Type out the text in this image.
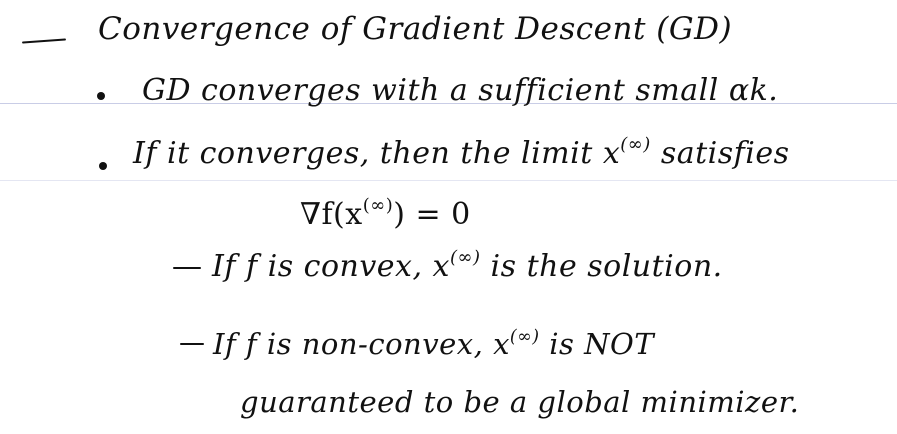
Convergence of Gradient Descent (GD)
GD converges with a sufficient small αk.
If it converges, then the limit x(∞) satisfies
∇f(x(∞)) = 0
If f is convex, x(∞) is the solution.
If f is non-convex, x(∞) is NOT
guaranteed to be a global minimizer.
